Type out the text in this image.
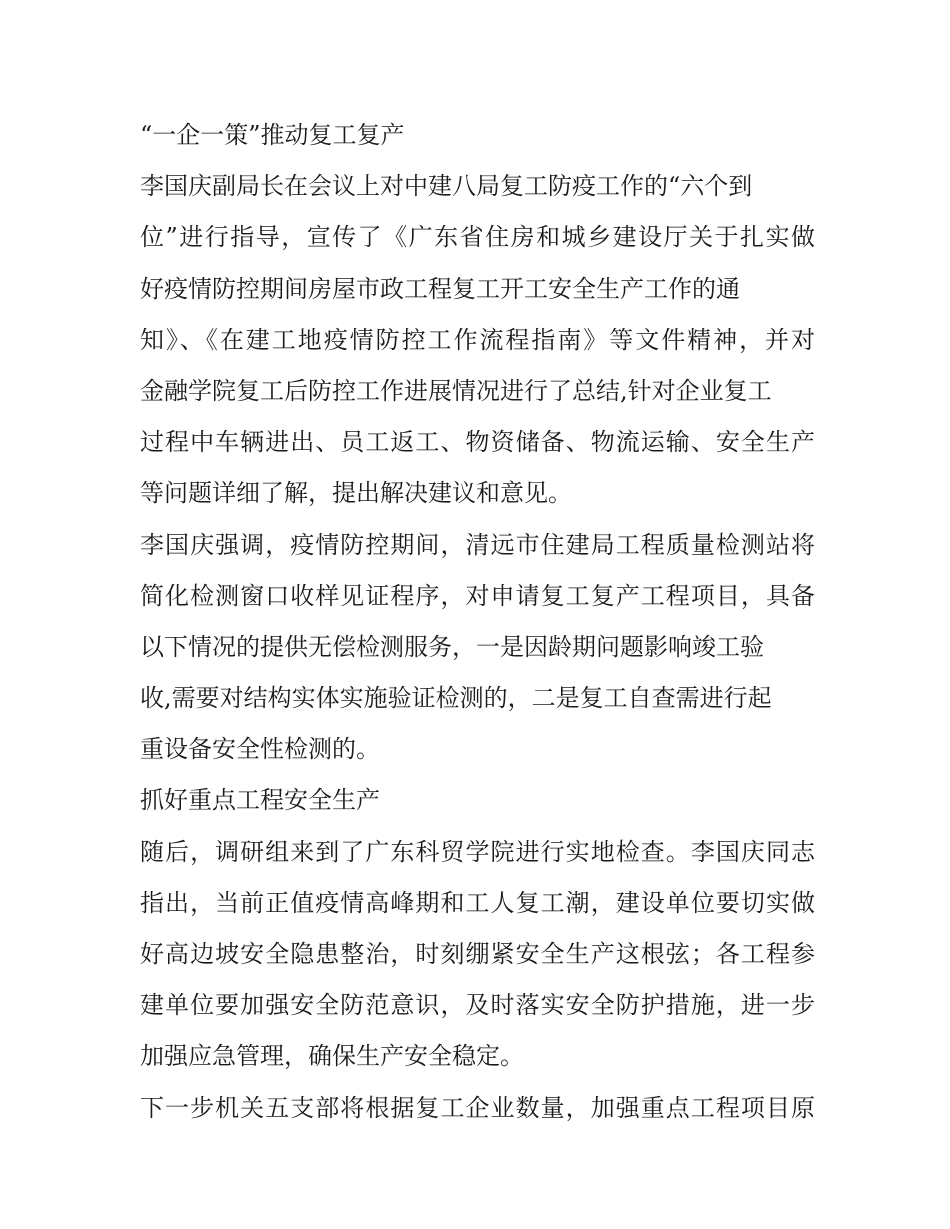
“一企一策”推动复工复产
李国庆副局长在会议上对中建八局复工防疫工作的“六个到
位”进行指导，宣传了《广东省住房和城乡建设厅关于扎实做
好疫情防控期间房屋市政工程复工开工安全生产工作的通
知》、《在建工地疫情防控工作流程指南》等文件精神，并对
金融学院复工后防控工作进展情况进行了总结,针对企业复工
过程中车辆进出、员工返工、物资储备、物流运输、安全生产
等问题详细了解，提出解决建议和意见。
李国庆强调，疫情防控期间，清远市住建局工程质量检测站将
简化检测窗口收样见证程序，对申请复工复产工程项目，具备
以下情况的提供无偿检测服务，一是因龄期问题影响竣工验
收,需要对结构实体实施验证检测的，二是复工自查需进行起
重设备安全性检测的。
抓好重点工程安全生产
随后，调研组来到了广东科贸学院进行实地检查。李国庆同志
指出，当前正值疫情高峰期和工人复工潮，建设单位要切实做
好高边坡安全隐患整治，时刻绷紧安全生产这根弦；各工程参
建单位要加强安全防范意识，及时落实安全防护措施，进一步
加强应急管理，确保生产安全稳定。
下一步机关五支部将根据复工企业数量，加强重点工程项目原
